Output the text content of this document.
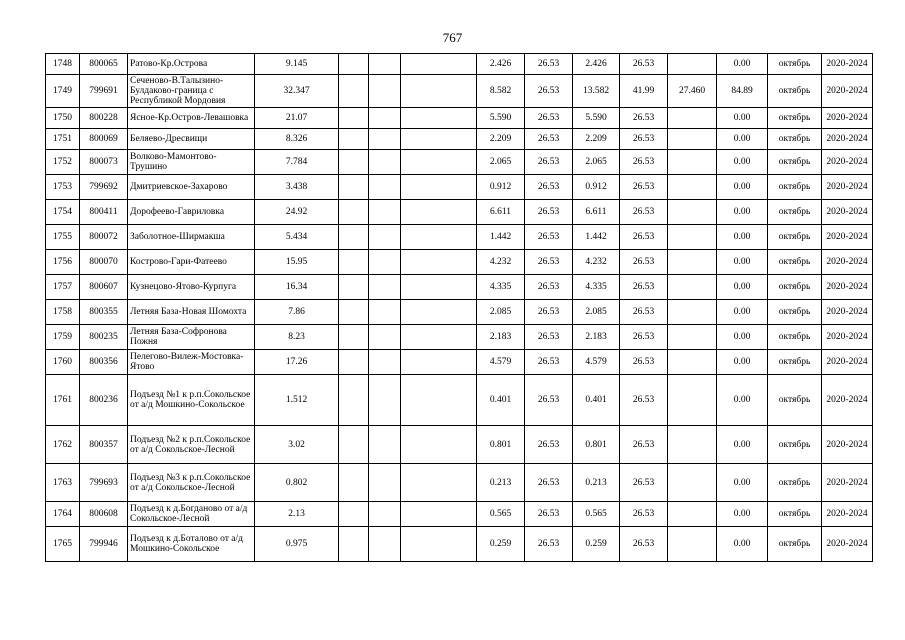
767
1748	800065	Ратово-Кр.Острова	9.145				2.426	26.53	2.426	26.53		0.00	октябрь	2020-2024
1749	799691	Сеченово-В.Талызино-Булдаково-граница с Республикой Мордовия	32.347				8.582	26.53	13.582	41.99	27.460	84.89	октябрь	2020-2024
1750	800228	Ясное-Кр.Остров-Левашовка	21.07				5.590	26.53	5.590	26.53		0.00	октябрь	2020-2024
1751	800069	Беляево-Дресвищи	8.326				2.209	26.53	2.209	26.53		0.00	октябрь	2020-2024
1752	800073	Волково-Мамонтово-Трушино	7.784				2.065	26.53	2.065	26.53		0.00	октябрь	2020-2024
1753	799692	Дмитриевское-Захарово	3.438				0.912	26.53	0.912	26.53		0.00	октябрь	2020-2024
1754	800411	Дорофеево-Гавриловка	24.92				6.611	26.53	6.611	26.53		0.00	октябрь	2020-2024
1755	800072	Заболотное-Ширмакша	5.434				1.442	26.53	1.442	26.53		0.00	октябрь	2020-2024
1756	800070	Кострово-Гари-Фатеево	15.95				4.232	26.53	4.232	26.53		0.00	октябрь	2020-2024
1757	800607	Кузнецово-Ятово-Курпуга	16.34				4.335	26.53	4.335	26.53		0.00	октябрь	2020-2024
1758	800355	Летняя База-Новая Шомохта	7.86				2.085	26.53	2.085	26.53		0.00	октябрь	2020-2024
1759	800235	Летняя База-Софронова Пожня	8.23				2.183	26.53	2.183	26.53		0.00	октябрь	2020-2024
1760	800356	Пелегово-Вилеж-Мостовка-Ятово	17.26				4.579	26.53	4.579	26.53		0.00	октябрь	2020-2024
1761	800236	Подъезд №1 к р.п.Сокольское от а/д Мошкино-Сокольское	1.512				0.401	26.53	0.401	26.53		0.00	октябрь	2020-2024
1762	800357	Подъезд №2 к р.п.Сокольское от а/д Сокольское-Лесной	3.02				0.801	26.53	0.801	26.53		0.00	октябрь	2020-2024
1763	799693	Подъезд №3 к р.п.Сокольское от а/д Сокольское-Лесной	0.802				0.213	26.53	0.213	26.53		0.00	октябрь	2020-2024
1764	800608	Подъезд к д.Богданово от а/д Сокольское-Лесной	2.13				0.565	26.53	0.565	26.53		0.00	октябрь	2020-2024
1765	799946	Подъезд к д.Боталово от а/д Мошкино-Сокольское	0.975				0.259	26.53	0.259	26.53		0.00	октябрь	2020-2024
